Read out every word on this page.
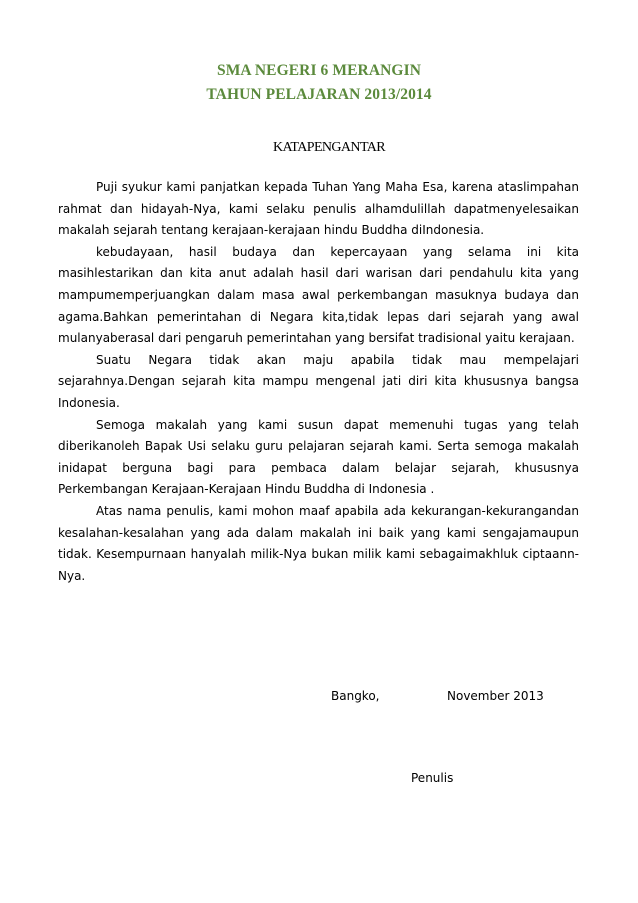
SMA NEGERI 6 MERANGIN
TAHUN PELAJARAN 2013/2014
KATAPENGANTAR

Puji syukur kami panjatkan kepada Tuhan Yang Maha Esa, karena ataslimpahan rahmat dan hidayah-Nya, kami selaku penulis alhamdulillah dapatmenyelesaikan makalah sejarah tentang kerajaan-kerajaan hindu Buddha diIndonesia.

kebudayaan, hasil budaya dan kepercayaan yang selama ini kita masihlestarikan dan kita anut adalah hasil dari warisan dari pendahulu kita yang mampumemperjuangkan dalam masa awal perkembangan masuknya budaya dan agama.Bahkan pemerintahan di Negara kita,tidak lepas dari sejarah yang awal mulanyaberasal dari pengaruh pemerintahan yang bersifat tradisional yaitu kerajaan.

Suatu Negara tidak akan maju apabila tidak mau mempelajari sejarahnya.Dengan sejarah kita mampu mengenal jati diri kita khususnya bangsa Indonesia.

Semoga makalah yang kami susun dapat memenuhi tugas yang telah diberikanoleh Bapak Usi selaku guru pelajaran sejarah kami. Serta semoga makalah inidapat berguna bagi para pembaca dalam belajar sejarah, khususnya Perkembangan Kerajaan-Kerajaan Hindu Buddha di Indonesia .

Atas nama penulis, kami mohon maaf apabila ada kekurangan-kekurangandan kesalahan-kesalahan yang ada dalam makalah ini baik yang kami sengajamaupun tidak. Kesempurnaan hanyalah milik-Nya bukan milik kami sebagaimakhluk ciptaann-Nya.

Bangko,	November 2013
Penulis
